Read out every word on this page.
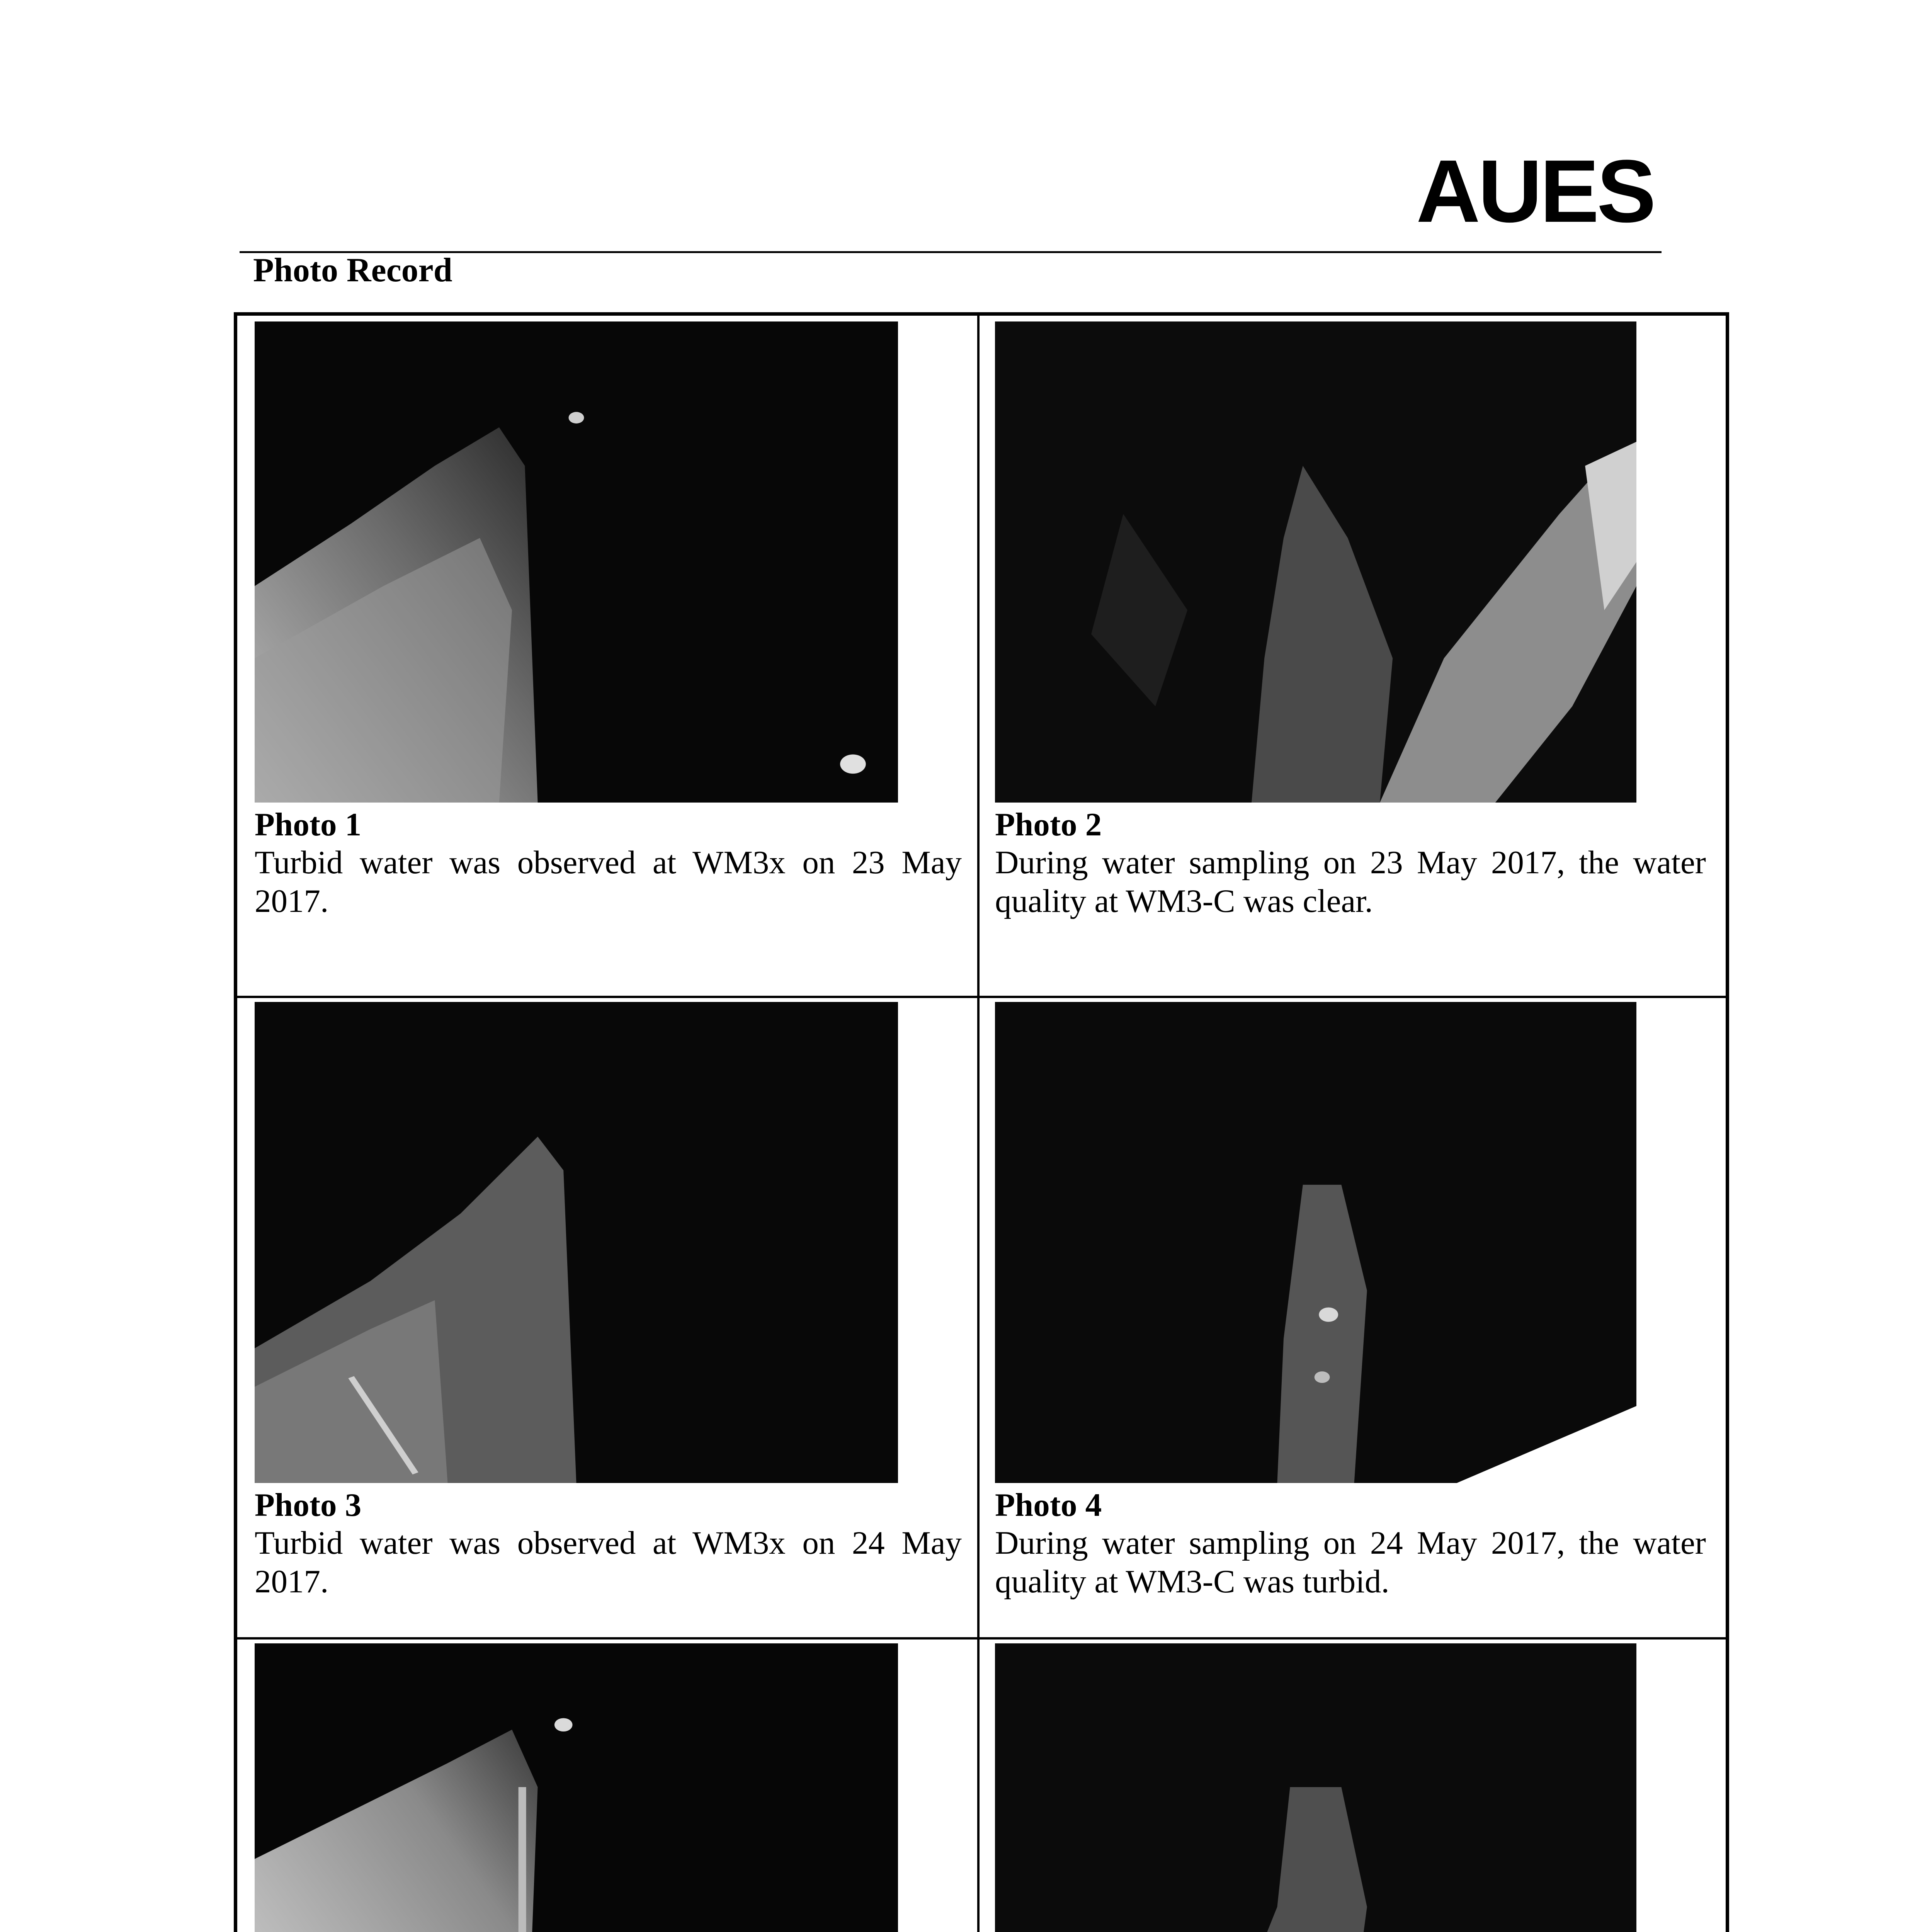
AUES
Photo Record
Photo 1
Turbid water was observed at WM3x on 23 May 2017.
Photo 2
During water sampling on 23 May 2017, the water quality at WM3-C was clear.
Photo 3
Turbid water was observed at WM3x on 24 May 2017.
Photo 4
During water sampling on 24 May 2017, the water quality at WM3-C was turbid.
